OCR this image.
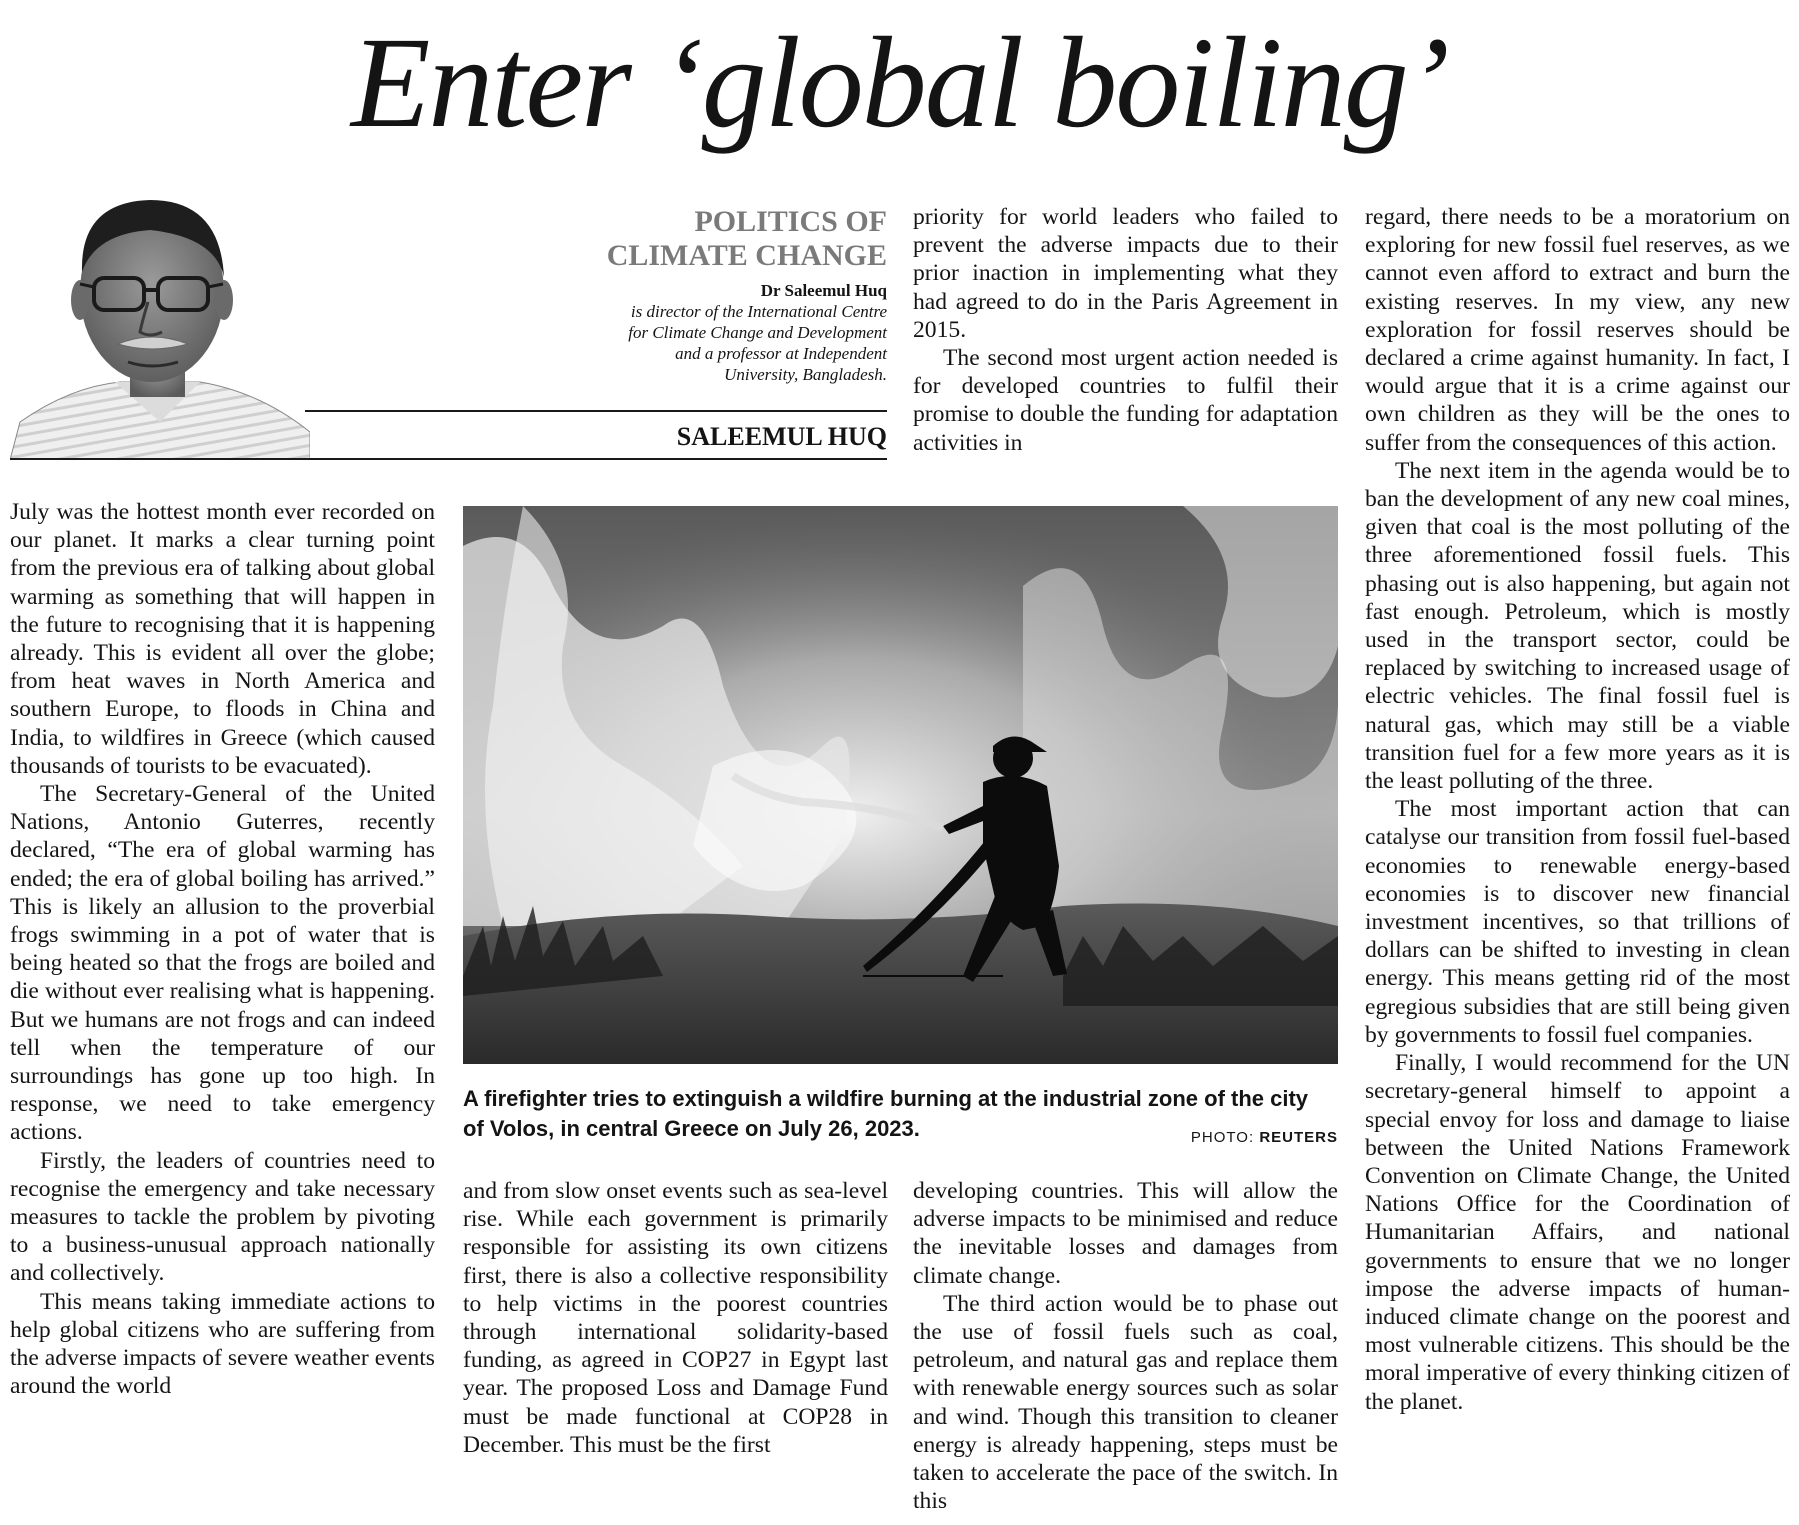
Enter ‘global boiling’

POLITICS OF
CLIMATE CHANGE

Dr Saleemul Huq

is director of the International Centre
for Climate Change and Development
and a professor at Independent
University, Bangladesh.

SALEEMUL HUQ

July was the hottest month ever recorded on our planet. It marks a clear turning point from the previous era of talking about global warming as something that will happen in the future to recognising that it is happening already. This is evident all over the globe; from heat waves in North America and southern Europe, to floods in China and India, to wildfires in Greece (which caused thousands of tourists to be evacuated).

The Secretary-General of the United Nations, Antonio Guterres, recently declared, “The era of global warming has ended; the era of global boiling has arrived.” This is likely an allusion to the proverbial frogs swimming in a pot of water that is being heated so that the frogs are boiled and die without ever realising what is happening. But we humans are not frogs and can indeed tell when the temperature of our surroundings has gone up too high. In response, we need to take emergency actions.

Firstly, the leaders of countries need to recognise the emergency and take necessary measures to tackle the problem by pivoting to a business-unusual approach nationally and collectively.

This means taking immediate actions to help global citizens who are suffering from the adverse impacts of severe weather events around the world

and from slow onset events such as sea-level rise. While each government is primarily responsible for assisting its own citizens first, there is also a collective responsibility to help victims in the poorest countries through international solidarity-based funding, as agreed in COP27 in Egypt last year. The proposed Loss and Damage Fund must be made functional at COP28 in December. This must be the first

priority for world leaders who failed to prevent the adverse impacts due to their prior inaction in implementing what they had agreed to do in the Paris Agreement in 2015.

The second most urgent action needed is for developed countries to fulfil their promise to double the funding for adaptation activities in

developing countries. This will allow the adverse impacts to be minimised and reduce the inevitable losses and damages from climate change.

The third action would be to phase out the use of fossil fuels such as coal, petroleum, and natural gas and replace them with renewable energy sources such as solar and wind. Though this transition to cleaner energy is already happening, steps must be taken to accelerate the pace of the switch. In this

regard, there needs to be a moratorium on exploring for new fossil fuel reserves, as we cannot even afford to extract and burn the existing reserves. In my view, any new exploration for fossil reserves should be declared a crime against humanity. In fact, I would argue that it is a crime against our own children as they will be the ones to suffer from the consequences of this action.

The next item in the agenda would be to ban the development of any new coal mines, given that coal is the most polluting of the three aforementioned fossil fuels. This phasing out is also happening, but again not fast enough. Petroleum, which is mostly used in the transport sector, could be replaced by switching to increased usage of electric vehicles. The final fossil fuel is natural gas, which may still be a viable transition fuel for a few more years as it is the least polluting of the three.

The most important action that can catalyse our transition from fossil fuel-based economies to renewable energy-based economies is to discover new financial investment incentives, so that trillions of dollars can be shifted to investing in clean energy. This means getting rid of the most egregious subsidies that are still being given by governments to fossil fuel companies.

Finally, I would recommend for the UN secretary-general himself to appoint a special envoy for loss and damage to liaise between the United Nations Framework Convention on Climate Change, the United Nations Office for the Coordination of Humanitarian Affairs, and national governments to ensure that we no longer impose the adverse impacts of human-induced climate change on the poorest and most vulnerable citizens. This should be the moral imperative of every thinking citizen of the planet.

A firefighter tries to extinguish a wildfire burning at the industrial zone of the city of Volos, in central Greece on July 26, 2023.	PHOTO: REUTERS
